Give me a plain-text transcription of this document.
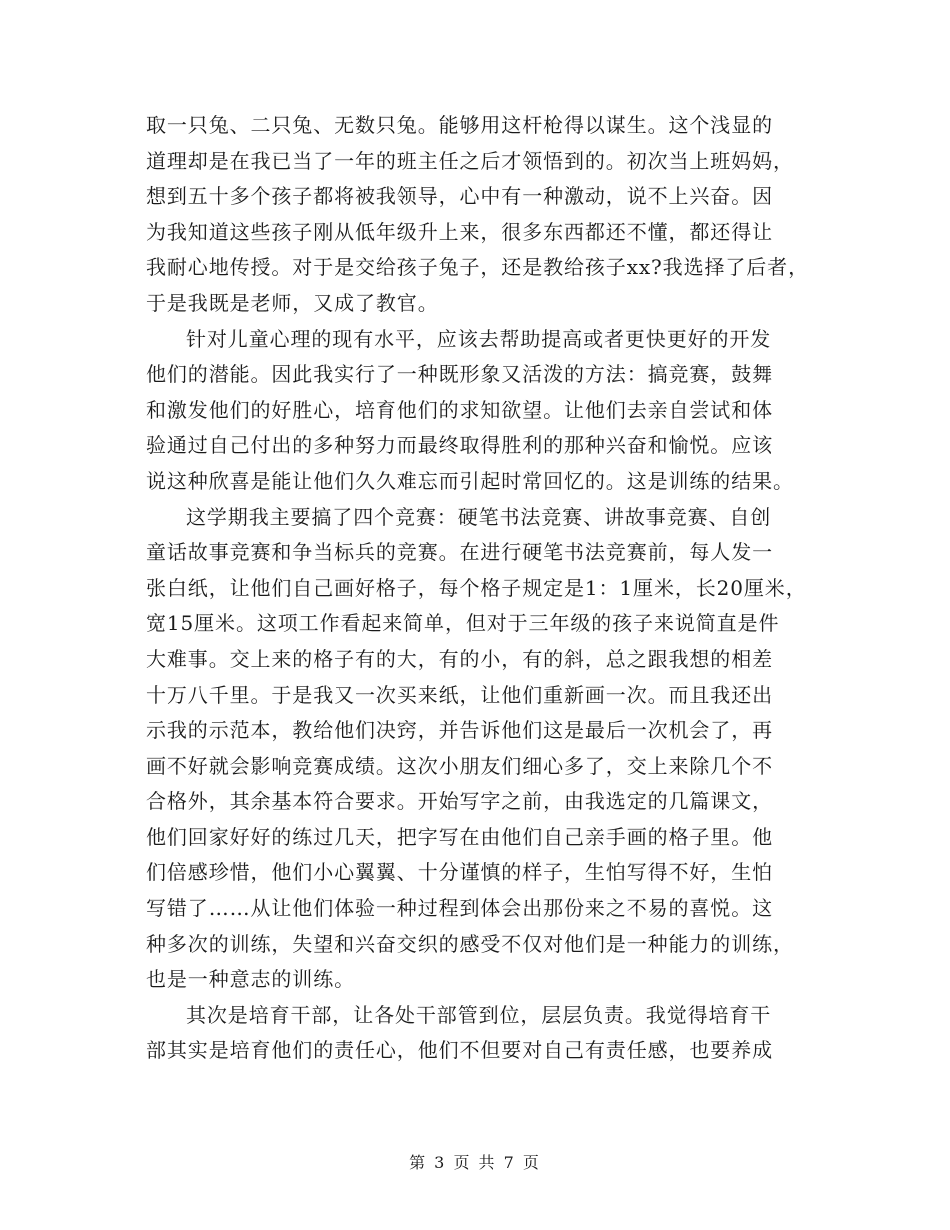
取一只兔、二只兔、无数只兔。能够用这杆枪得以谋生。这个浅显的
道理却是在我已当了一年的班主任之后才领悟到的。初次当上班妈妈，
想到五十多个孩子都将被我领导，心中有一种激动，说不上兴奋。因
为我知道这些孩子刚从低年级升上来，很多东西都还不懂，都还得让
我耐心地传授。对于是交给孩子兔子，还是教给孩子xx?我选择了后者，
于是我既是老师，又成了教官。
针对儿童心理的现有水平，应该去帮助提高或者更快更好的开发
他们的潜能。因此我实行了一种既形象又活泼的方法：搞竞赛，鼓舞
和激发他们的好胜心，培育他们的求知欲望。让他们去亲自尝试和体
验通过自己付出的多种努力而最终取得胜利的那种兴奋和愉悦。应该
说这种欣喜是能让他们久久难忘而引起时常回忆的。这是训练的结果。
这学期我主要搞了四个竞赛：硬笔书法竞赛、讲故事竞赛、自创
童话故事竞赛和争当标兵的竞赛。在进行硬笔书法竞赛前，每人发一
张白纸，让他们自己画好格子，每个格子规定是1：1厘米，长20厘米，
宽15厘米。这项工作看起来简单，但对于三年级的孩子来说简直是件
大难事。交上来的格子有的大，有的小，有的斜，总之跟我想的相差
十万八千里。于是我又一次买来纸，让他们重新画一次。而且我还出
示我的示范本，教给他们决窍，并告诉他们这是最后一次机会了，再
画不好就会影响竞赛成绩。这次小朋友们细心多了，交上来除几个不
合格外，其余基本符合要求。开始写字之前，由我选定的几篇课文，
他们回家好好的练过几天，把字写在由他们自己亲手画的格子里。他
们倍感珍惜，他们小心翼翼、十分谨慎的样子，生怕写得不好，生怕
写错了……从让他们体验一种过程到体会出那份来之不易的喜悦。这
种多次的训练，失望和兴奋交织的感受不仅对他们是一种能力的训练，
也是一种意志的训练。
其次是培育干部，让各处干部管到位，层层负责。我觉得培育干
部其实是培育他们的责任心，他们不但要对自己有责任感，也要养成
第 3 页 共 7 页
